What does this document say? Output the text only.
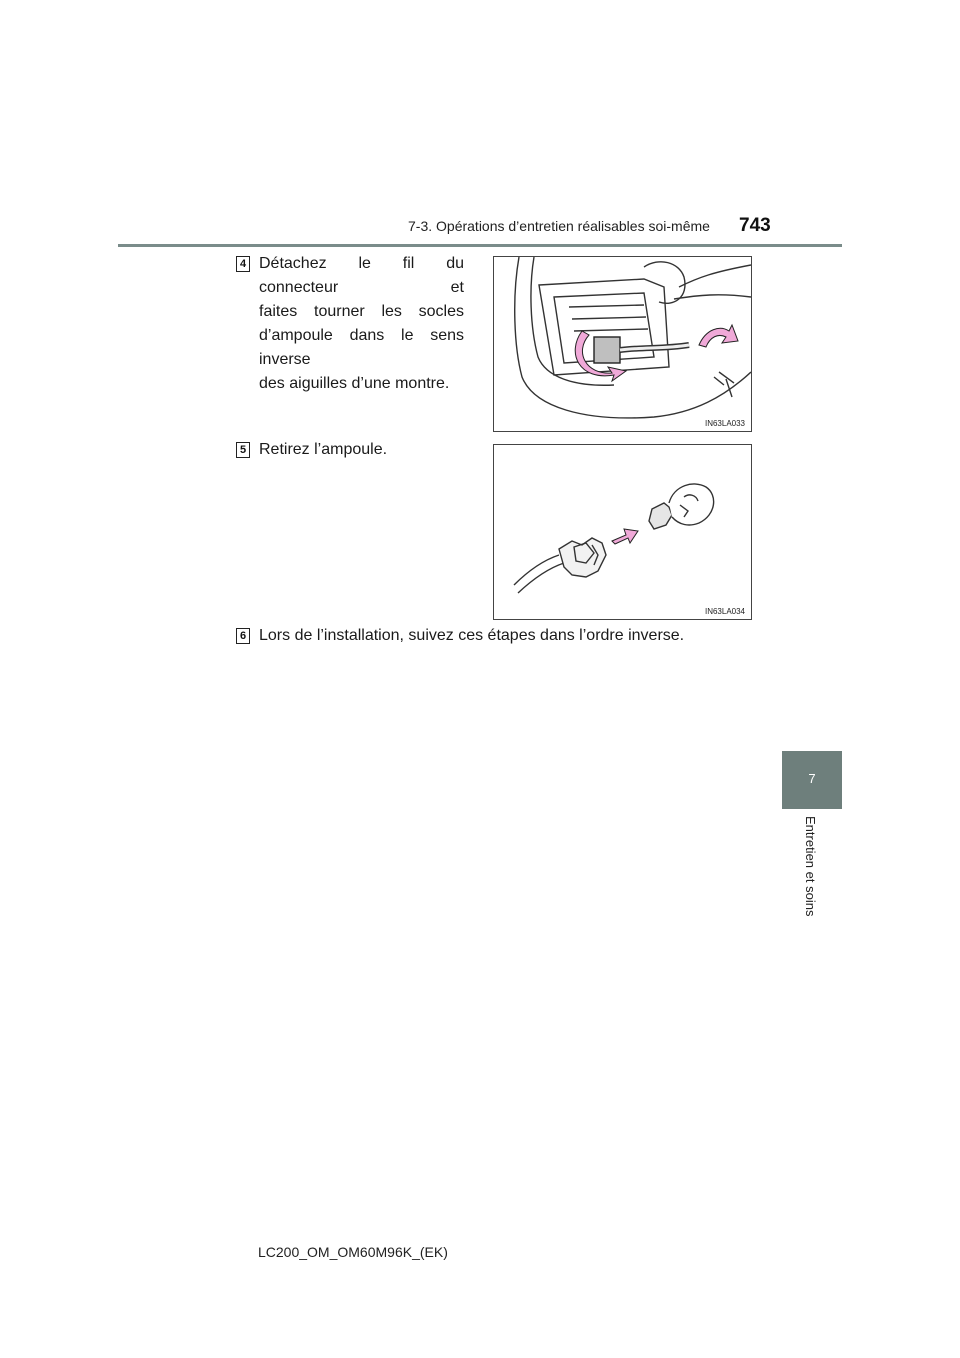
7-3. Opérations d’entretien réalisables soi-même 743
7
Entretien et soins
4 Détachez le fil du connecteur et
faites tourner les socles
d’ampoule dans le sens inverse
des aiguilles d’une montre.
IN63LA033
5 Retirez l’ampoule.
IN63LA034
6 Lors de l’installation, suivez ces étapes dans l’ordre inverse.
LC200_OM_OM60M96K_(EK)
